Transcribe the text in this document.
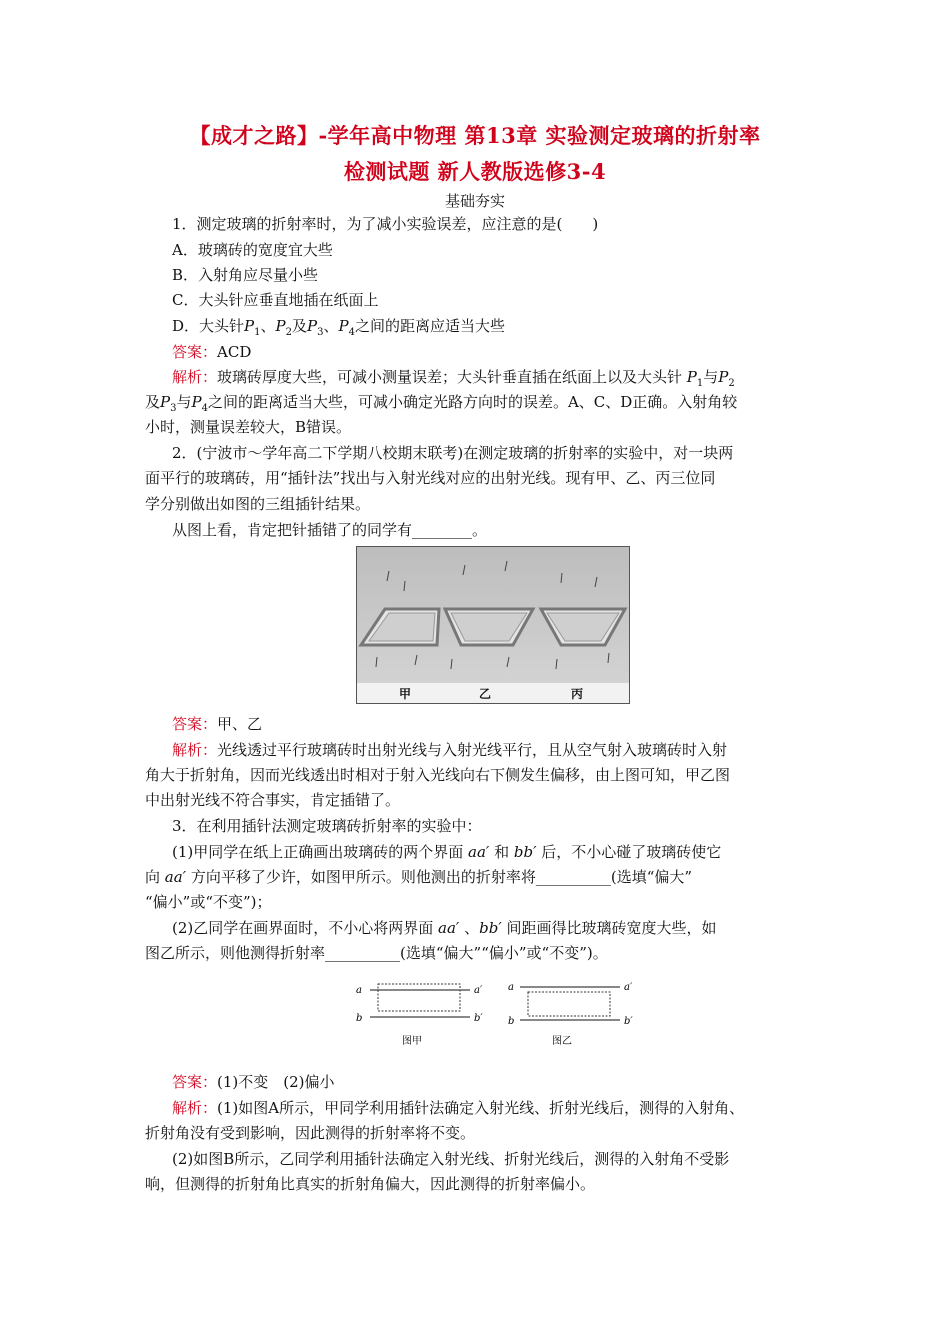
【成才之路】-学年高中物理 第13章 实验测定玻璃的折射率
检测试题 新人教版选修3-4
基础夯实
1．测定玻璃的折射率时，为了减小实验误差，应注意的是(　　)
A．玻璃砖的宽度宜大些
B．入射角应尽量小些
C．大头针应垂直地插在纸面上
D．大头针$P_1$、$P_2$及$P_3$、$P_4$之间的距离应适当大些
答案：ACD
解析：玻璃砖厚度大些，可减小测量误差；大头针垂直插在纸面上以及大头针 $P_1$与$P_2$
及$P_3$与$P_4$之间的距离适当大些，可减小确定光路方向时的误差。A、C、D正确。入射角较
小时，测量误差较大，B错误。
2．(宁波市～学年高二下学期八校期末联考)在测定玻璃的折射率的实验中，对一块两
面平行的玻璃砖，用“插针法”找出与入射光线对应的出射光线。现有甲、乙、丙三位同
学分别做出如图的三组插针结果。
从图上看，肯定把针插错了的同学有________。
甲	乙	丙
答案：甲、乙
解析：光线透过平行玻璃砖时出射光线与入射光线平行，且从空气射入玻璃砖时入射
角大于折射角，因而光线透出时相对于射入光线向右下侧发生偏移，由上图可知，甲乙图
中出射光线不符合事实，肯定插错了。
3．在利用插针法测定玻璃砖折射率的实验中：
(1)甲同学在纸上正确画出玻璃砖的两个界面 aa′ 和 bb′ 后，不小心碰了玻璃砖使它
向 aa′ 方向平移了少许，如图甲所示。则他测出的折射率将__________(选填“偏大”
“偏小”或“不变”)；
(2)乙同学在画界面时，不小心将两界面 aa′ 、bb′ 间距画得比玻璃砖宽度大些，如
图乙所示，则他测得折射率__________(选填“偏大”“偏小”或“不变”)。
a	a′
b	b′
图甲
a	a′
b	b′
图乙
答案：(1)不变　(2)偏小
解析：(1)如图A所示，甲同学利用插针法确定入射光线、折射光线后，测得的入射角、
折射角没有受到影响，因此测得的折射率将不变。
(2)如图B所示，乙同学利用插针法确定入射光线、折射光线后，测得的入射角不受影
响，但测得的折射角比真实的折射角偏大，因此测得的折射率偏小。
